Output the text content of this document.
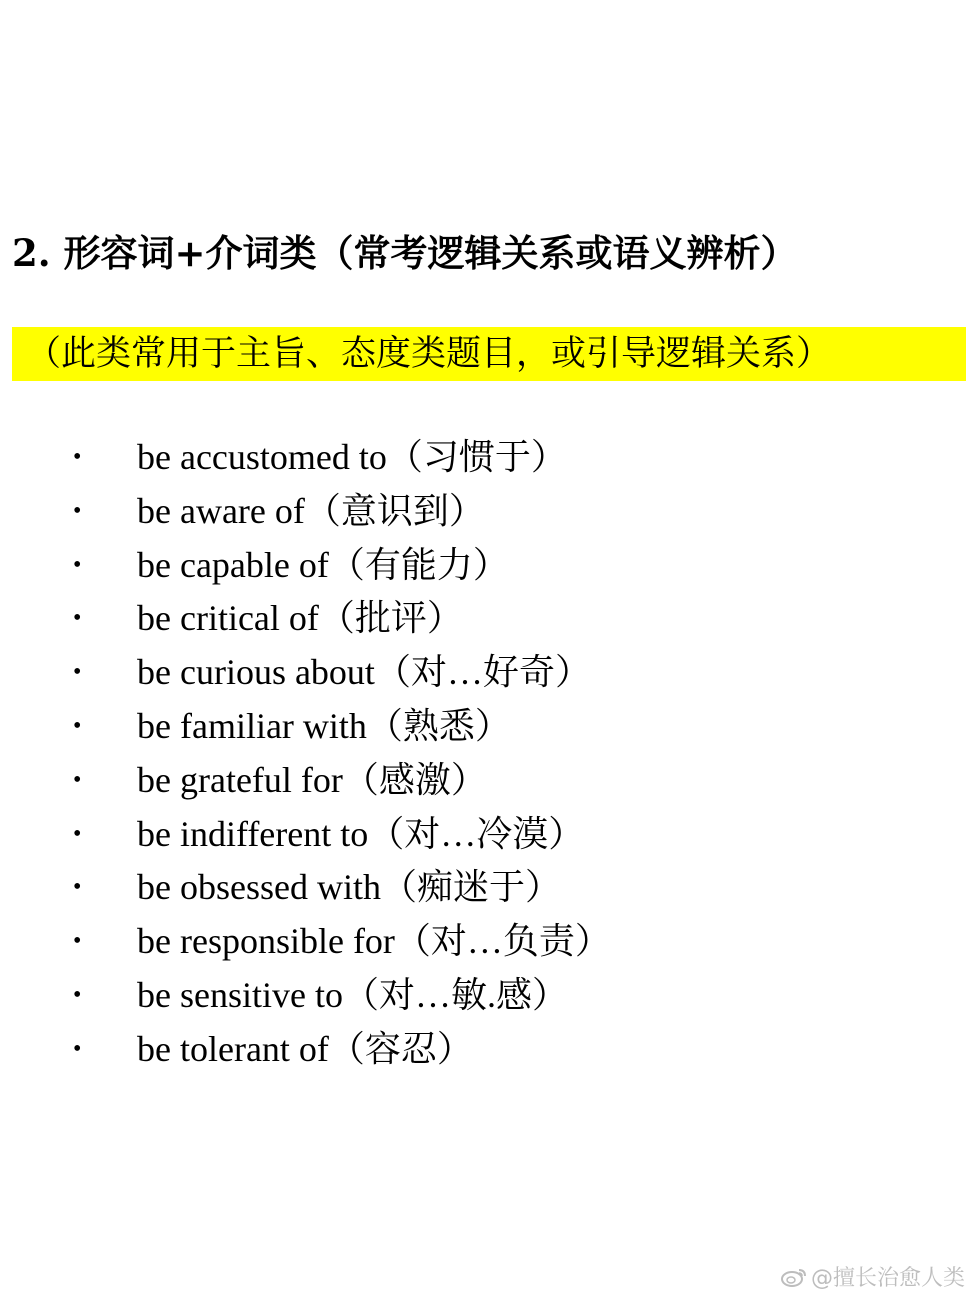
2. 形容词+介词类（常考逻辑关系或语义辨析）
（此类常用于主旨、态度类题目，或引导逻辑关系）
• be accustomed to（习惯于）
• be aware of（意识到）
• be capable of（有能力）
• be critical of（批评）
• be curious about（对…好奇）
• be familiar with（熟悉）
• be grateful for（感激）
• be indifferent to（对…冷漠）
• be obsessed with（痴迷于）
• be responsible for（对…负责）
• be sensitive to（对…敏.感）
• be tolerant of（容忍）
@擅长治愈人类
